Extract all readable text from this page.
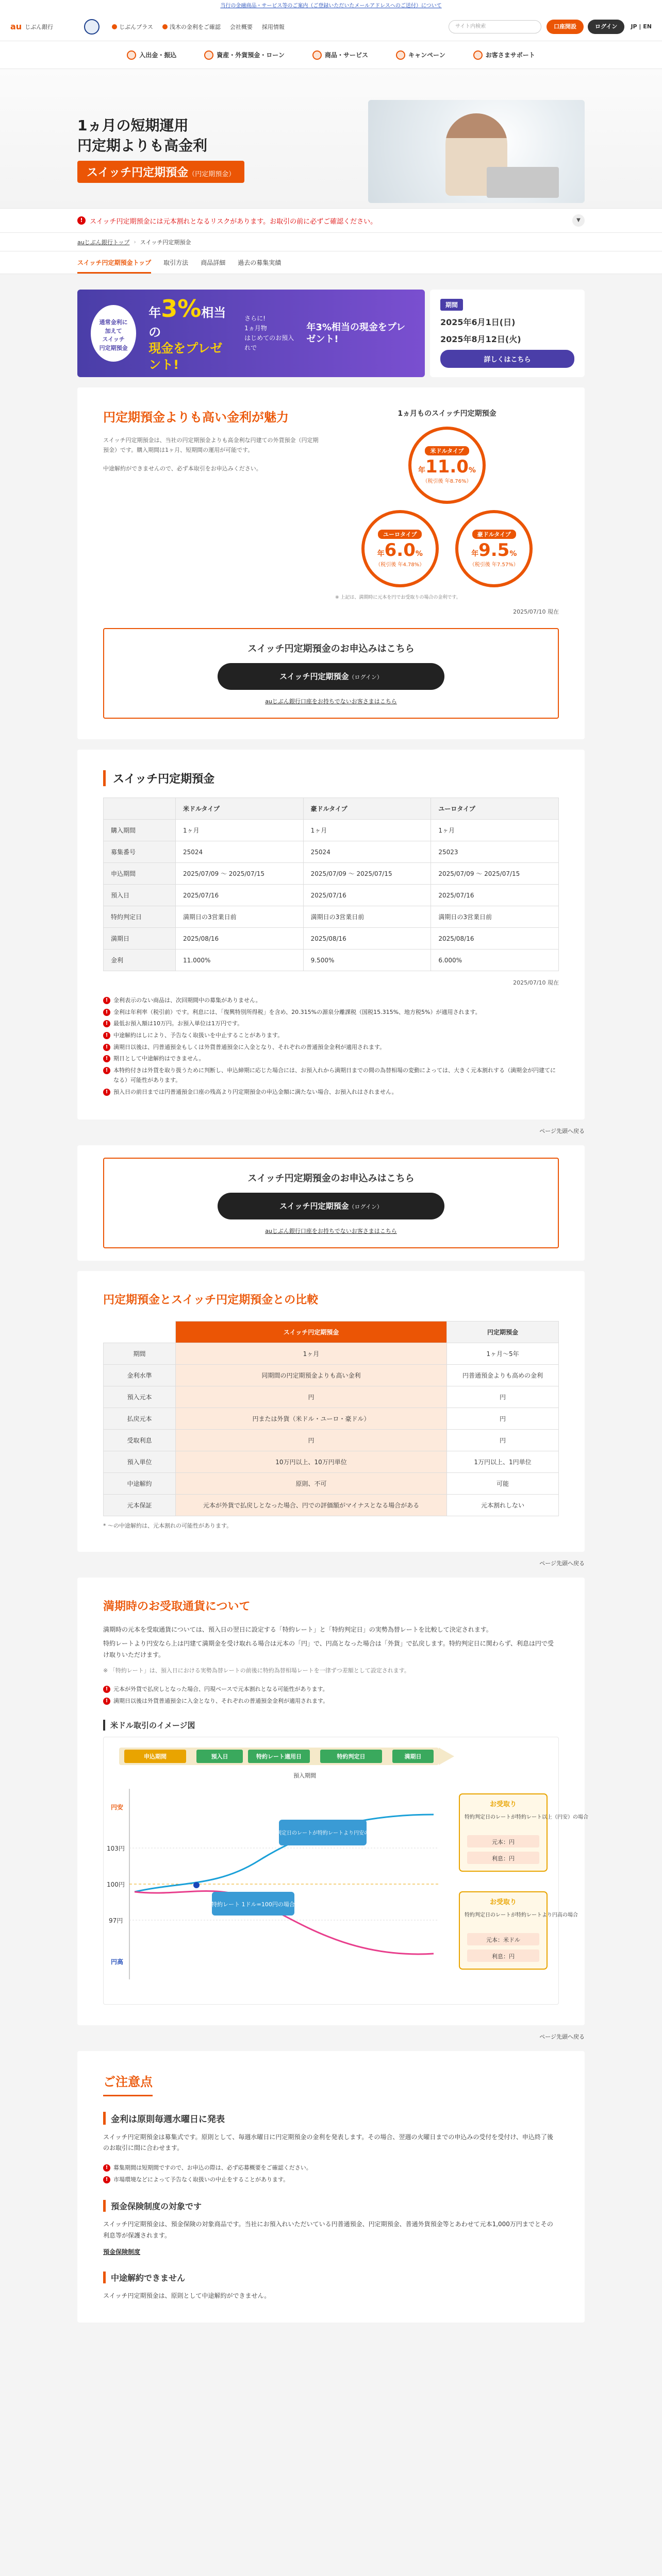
当行の金融商品・サービス等のご案内（ご登録いただいたメールアドレスへのご送付）について
au じぶん銀行	じぶんプラス	浅木の金利をご確認 会社概要 採用情報	サイト内検索	口座開設	ログイン	JP | EN
入出金・振込	資産・外貨預金・ローン	商品・サービス	キャンペーン	お客さまサポート
1ヵ月の短期運用
円定期よりも高金利
スイッチ円定期預金（円定期預金）
!	スイッチ円定期預金には元本割れとなるリスクがあります。お取引の前に必ずご確認ください。	▼
auじぶん銀行トップ › スイッチ円定期預金
スイッチ円定期預金トップ 取引方法 商品詳細 過去の募集実績
通常金利に
加えて
スイッチ
円定期預金
年3%相当の
現金をプレゼント!
さらに!
1ヵ月物
はじめてのお預入れで
年3%相当の現金をプレゼント!
期間
2025年6月1日(日)
2025年8月12日(火)
詳しくはこちら
円定期預金よりも高い金利が魅力

スイッチ円定期預金は、当社の円定期預金よりも高金利な円建ての外貨預金（円定期預金）です。購入期間は1ヶ月、短期間の運用が可能です。

中途解約ができませんので、必ず本取引をお申込みください。

1ヵ月ものスイッチ円定期預金
米ドルタイプ
年11.0%
（税引後 年8.76%）

ユーロタイプ
年6.0%
（税引後 年4.78%）

豪ドルタイプ
年9.5%
（税引後 年7.57%）
※ 上記は、満期時に元本を円でお受取りの場合の金利です。
2025/07/10 現在
スイッチ円定期預金のお申込みはこちら
スイッチ円定期預金（ログイン）
auじぶん銀行口座をお持ちでないお客さまはこちら
スイッチ円定期預金
	米ドルタイプ	豪ドルタイプ	ユーロタイプ
購入期間	1ヶ月	1ヶ月	1ヶ月
募集番号	25024	25024	25023
申込期間	2025/07/09 〜 2025/07/15	2025/07/09 〜 2025/07/15	2025/07/09 〜 2025/07/15
預入日	2025/07/16	2025/07/16	2025/07/16
特約判定日	満期日の3営業日前	満期日の3営業日前	満期日の3営業日前
満期日	2025/08/16	2025/08/16	2025/08/16
金利	11.000%	9.500%	6.000%
2025/07/10 現在
! 金利表示のない商品は、次回期間中の募集がありません。
! 金利は年利率（税引前）です。利息には、「復興特別所得税」を含め、20.315%の源泉分離課税（国税15.315%、地方税5%）が適用されます。
! 最低お預入額は10万円。お預入単位は1万円です。
! 中途解約はしにより、予告なく取扱いを中止することがあります。
! 満期日以後は、円普通預金もしくは外貨普通預金に入金となり、それぞれの普通預金金利が適用されます。
! 期日として中途解約はできません。
! 本特約付きは外貨を取り扱うために判断し、申込締期に応じた場合には、お預入れから満期日までの間の為替相場の変動によっては、大きく元本割れする（満期金が円建てになる）可能性があります。
! 預入日の前日までは円普通預金口座の残高より円定期預金の申込金額に満たない場合、お預入れはされません。
ページ先頭へ戻る
スイッチ円定期預金のお申込みはこちら
スイッチ円定期預金（ログイン）
auじぶん銀行口座をお持ちでないお客さまはこちら
円定期預金とスイッチ円定期預金との比較
	スイッチ円定期預金	円定期預金
期間	1ヶ月	1ヶ月〜5年
金利水準	同期間の円定期預金よりも高い金利	円普通預金よりも高めの金利
預入元本	円	円
払戻元本	円または外貨（米ドル・ユーロ・豪ドル）	円
受取利息	円	円
預入単位	10万円以上、10万円単位	1万円以上、1円単位
中途解約	原則、不可	可能
元本保証	元本が外貨で払戻しとなった場合、円での評価額がマイナスとなる場合がある	元本割れしない
* 〜の中途解約は、元本割れの可能性があります。
ページ先頭へ戻る
満期時のお受取通貨について

満期時の元本を受取通貨については、預入日の翌日に設定する「特約レート」と「特約判定日」の実勢為替レートを比較して決定されます。

特約レートより円安なら上は円建て満期金を受け取れる場合は元本の「円」で、円高となった場合は「外貨」で払戻します。特約判定日に関わらず、利息は円で受け取りいただけます。

※ 「特約レート」は、預入日における実勢為替レートの前後に特約為替相場レートを一律ずつ差額として設定されます。

! 元本が外貨で払戻しとなった場合、円現ベースで元本割れとなる可能性があります。
! 満期日以後は外貨普通預金に入金となり、それぞれの普通預金金利が適用されます。
米ドル取引のイメージ図
申込期間	預入日	特約レート適用日	特約判定日	満期日
預入期間
円安
103円
100円
97円
円高
特約レート 1ドル=100円の場合
特約判定日のレートが特約レートより円安の場合
お受取り
特約判定日のレートが特約レート以上（円安）の場合
元本：円
利息：円
お受取り
特約判定日のレートが特約レートより円高の場合
元本：米ドル
利息：円
ページ先頭へ戻る
ご注意点
金利は原則毎週水曜日に発表

スイッチ円定期預金は募集式です。原則として、毎週水曜日に円定期預金の金利を発表します。その場合、翌週の火曜日までの申込みの受付を受付け、申込終了後のお取引に間に合わせます。

! 募集期間は短期間ですので、お申込の際は、必ず応募概要をご確認ください。
! 市場環境などによって予告なく取扱いの中止をすることがあります。
預金保険制度の対象です

スイッチ円定期預金は、預金保険の対象商品です。当社にお預入れいただいている円普通預金、円定期預金、普通外貨預金等とあわせて元本1,000万円までとその利息等が保護されます。

預金保険制度
中途解約できません

スイッチ円定期預金は、原則として中途解約ができません。
